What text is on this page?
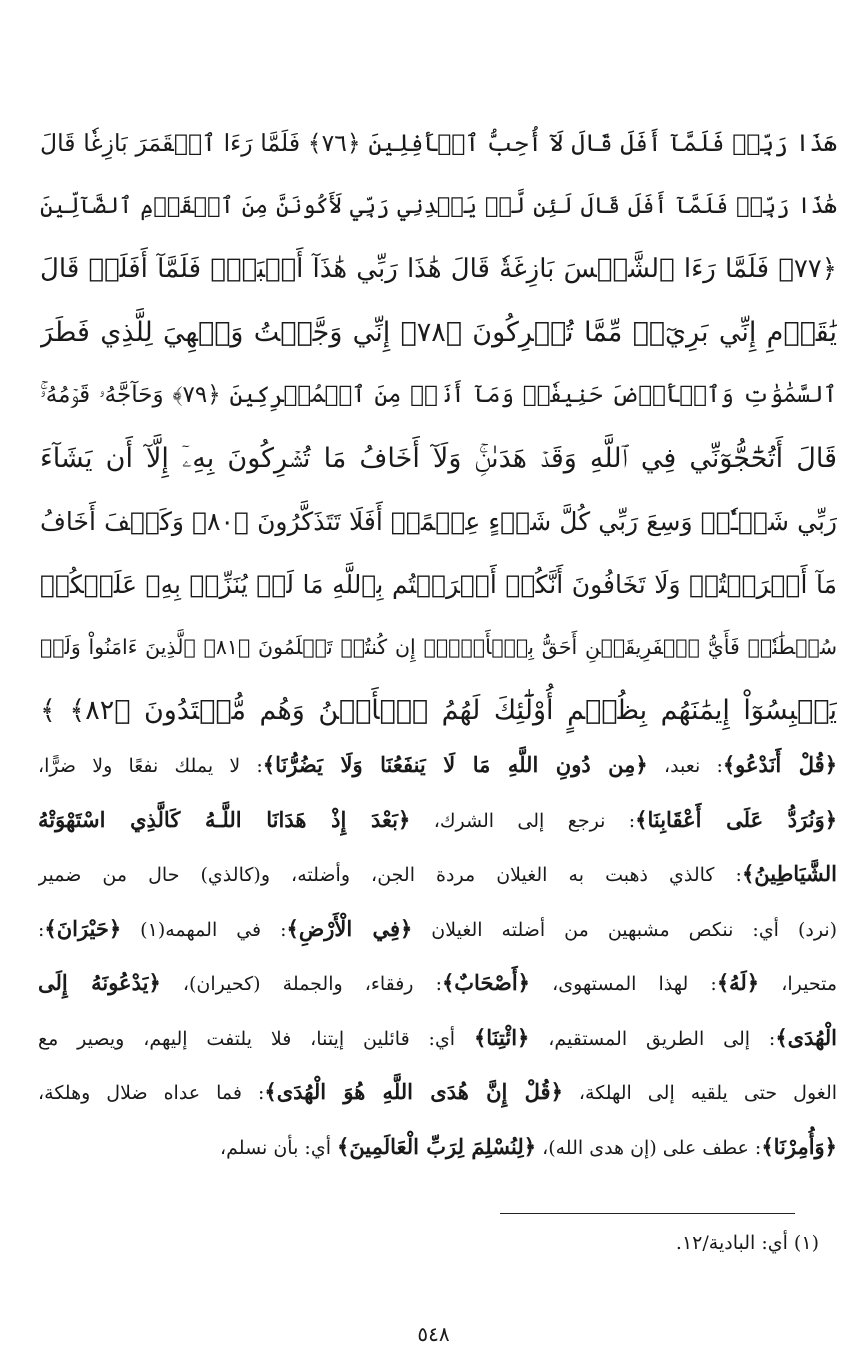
هَذَا رَبِّيۖ فَلَمَّآ أَفَلَ قَالَ لَآ أُحِبُّ ٱلۡأَفِلِينَ ﴿٧٦﴾ فَلَمَّا رَءَا ٱلۡقَمَرَ بَازِغٗا قَالَ
هَٰذَا رَبِّيۖ فَلَمَّآ أَفَلَ قَالَ لَئِن لَّمۡ يَهۡدِنِي رَبِّي لَأَكُونَنَّ مِنَ ٱلۡقَوۡمِ ٱلضَّآلِّينَ
﴿٧٧﴾ فَلَمَّا رَءَا ٱلشَّمۡسَ بَازِغَةٗ قَالَ هَٰذَا رَبِّي هَٰذَآ أَكۡبَرُۖ فَلَمَّآ أَفَلَتۡ قَالَ
يَٰقَوۡمِ إِنِّي بَرِيٓءٞ مِّمَّا تُشۡرِكُونَ ﴿٧٨﴾ إِنِّي وَجَّهۡتُ وَجۡهِيَ لِلَّذِي فَطَرَ
ٱلسَّمَٰوَٰتِ وَٱلۡأَرۡضَ حَنِيفٗاۖ وَمَآ أَنَا۠ مِنَ ٱلۡمُشۡرِكِينَ ﴿٧٩﴾ وَحَآجَّهُۥ قَوۡمُهُۥۚ
قَالَ أَتُحَٰٓجُّوٓنِّي فِي ٱللَّهِ وَقَدۡ هَدَىٰنِۚ وَلَآ أَخَافُ مَا تُشۡرِكُونَ بِهِۦٓ إِلَّآ أَن يَشَآءَ
رَبِّي شَيۡـٔٗاۚ وَسِعَ رَبِّي كُلَّ شَيۡءٍ عِلۡمًاۚ أَفَلَا تَتَذَكَّرُونَ ﴿٨٠﴾ وَكَيۡفَ أَخَافُ
مَآ أَشۡرَكۡتُمۡ وَلَا تَخَافُونَ أَنَّكُمۡ أَشۡرَكۡتُم بِٱللَّهِ مَا لَمۡ يُنَزِّلۡ بِهِۦ عَلَيۡكُمۡ
سُلۡطَٰنٗاۚ فَأَيُّ ٱلۡفَرِيقَيۡنِ أَحَقُّ بِٱلۡأَمۡنِۖ إِن كُنتُمۡ تَعۡلَمُونَ ﴿٨١﴾ ٱلَّذِينَ ءَامَنُواْ وَلَمۡ
يَلۡبِسُوٓاْ إِيمَٰنَهُم بِظُلۡمٍ أُوْلَٰٓئِكَ لَهُمُ ٱلۡأَمۡنُ وَهُم مُّهۡتَدُونَ ﴿٨٢﴾ ﴾
﴿قُلْ أَنَدْعُو﴾: نعبد، ﴿مِن دُونِ اللَّهِ مَا لَا يَنفَعُنَا وَلَا يَضُرُّنَا﴾: لا يملك نفعًا ولا ضرًّا،
﴿وَنُرَدُّ عَلَى أَعْقَابِنَا﴾: نرجع إلى الشرك، ﴿بَعْدَ إِذْ هَدَانَا اللَّـهُ كَالَّذِي اسْتَهْوَتْهُ
الشَّيَاطِينُ﴾: كالذي ذهبت به الغيلان مردة الجن، وأضلته، و(كالذي) حال من ضمير
(نرد) أي: ننكص مشبهين من أضلته الغيلان ﴿فِي الْأَرْضِ﴾: في المهمه(١) ﴿حَيْرَانَ﴾:
متحيرا، ﴿لَهُ﴾: لهذا المستهوى، ﴿أَصْحَابٌ﴾: رفقاء، والجملة (كحيران)، ﴿يَدْعُونَهُ إِلَى
الْهُدَى﴾: إلى الطريق المستقيم، ﴿ائْتِنَا﴾ أي: قائلين إيتنا، فلا يلتفت إليهم، ويصير مع
الغول حتى يلقيه إلى الهلكة، ﴿قُلْ إِنَّ هُدَى اللَّهِ هُوَ الْهُدَى﴾: فما عداه ضلال وهلكة،
﴿وَأُمِرْنَا﴾: عطف على (إن هدى الله)، ﴿لِنُسْلِمَ لِرَبِّ الْعَالَمِينَ﴾ أي: بأن نسلم،
(١) أي: البادية/١٢.
٥٤٨
